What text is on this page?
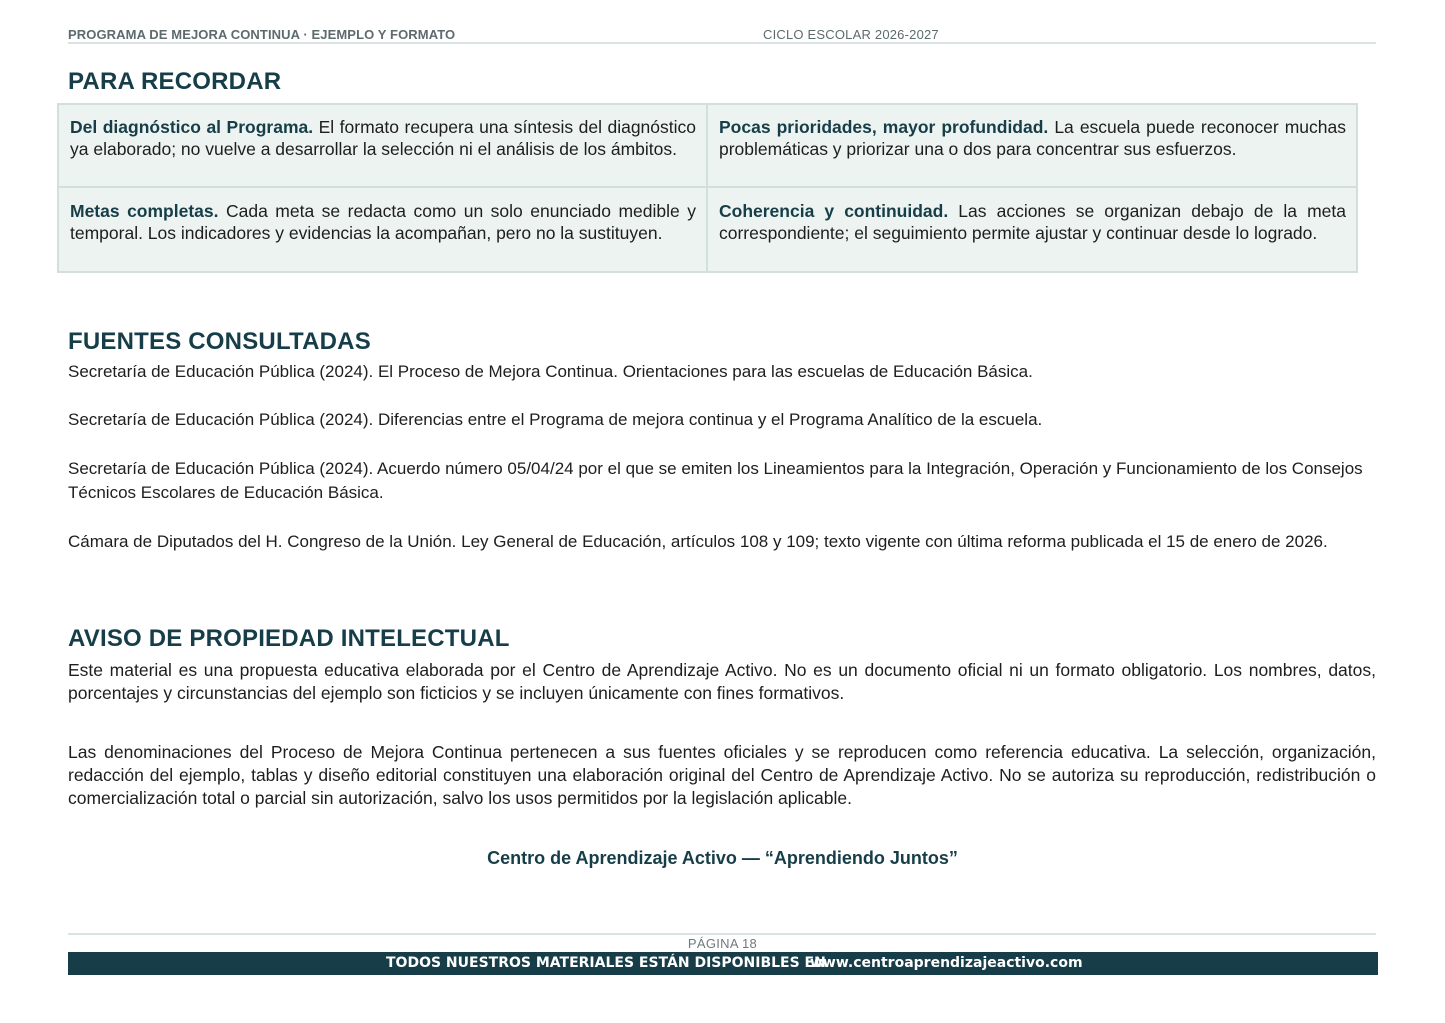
PROGRAMA DE MEJORA CONTINUA · EJEMPLO Y FORMATO	CICLO ESCOLAR 2026-2027
PARA RECORDAR
Del diagnóstico al Programa. El formato recupera una síntesis del diagnóstico ya elaborado; no vuelve a desarrollar la selección ni el análisis de los ámbitos.	Pocas prioridades, mayor profundidad. La escuela puede reconocer muchas problemáticas y priorizar una o dos para concentrar sus esfuerzos.
Metas completas. Cada meta se redacta como un solo enunciado medible y temporal. Los indicadores y evidencias la acompañan, pero no la sustituyen.	Coherencia y continuidad. Las acciones se organizan debajo de la meta correspondiente; el seguimiento permite ajustar y continuar desde lo logrado.
FUENTES CONSULTADAS

Secretaría de Educación Pública (2024). El Proceso de Mejora Continua. Orientaciones para las escuelas de Educación Básica.

Secretaría de Educación Pública (2024). Diferencias entre el Programa de mejora continua y el Programa Analítico de la escuela.

Secretaría de Educación Pública (2024). Acuerdo número 05/04/24 por el que se emiten los Lineamientos para la Integración, Operación y Funcionamiento de los Consejos Técnicos Escolares de Educación Básica.

Cámara de Diputados del H. Congreso de la Unión. Ley General de Educación, artículos 108 y 109; texto vigente con última reforma publicada el 15 de enero de 2026.

AVISO DE PROPIEDAD INTELECTUAL

Este material es una propuesta educativa elaborada por el Centro de Aprendizaje Activo. No es un documento oficial ni un formato obligatorio. Los nombres, datos, porcentajes y circunstancias del ejemplo son ficticios y se incluyen únicamente con fines formativos.

Las denominaciones del Proceso de Mejora Continua pertenecen a sus fuentes oficiales y se reproducen como referencia educativa. La selección, organización, redacción del ejemplo, tablas y diseño editorial constituyen una elaboración original del Centro de Aprendizaje Activo. No se autoriza su reproducción, redistribución o comercialización total o parcial sin autorización, salvo los usos permitidos por la legislación aplicable.

Centro de Aprendizaje Activo — “Aprendiendo Juntos”
PÁGINA 18
TODOS NUESTROS MATERIALES ESTÁN DISPONIBLES EN
www.centroaprendizajeactivo.com
